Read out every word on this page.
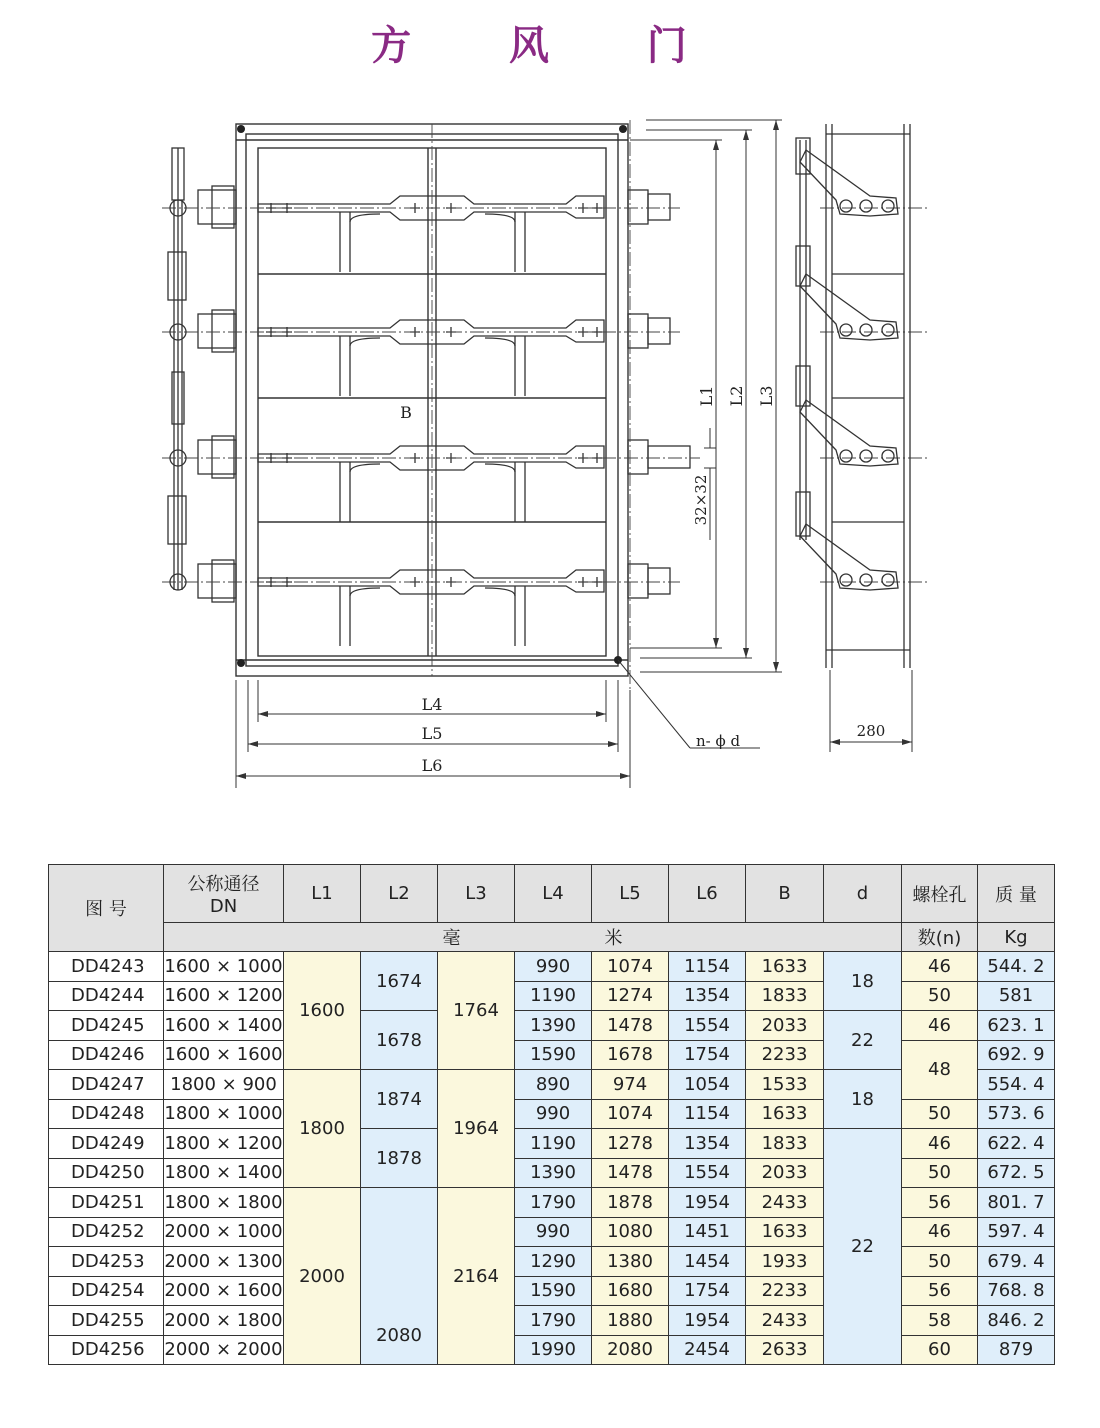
方 风 门
L1 L2 L3
32×32
B
L4
L5
L6
n- ϕ d
280
图 号	公称通径
DN	L1	L2	L3	L4	L5	L6	B	d	螺栓孔	质 量
	毫　　　　　　　　米									数(n)	Kg
DD4243	1600 × 1000	1600	1674	1764	990	1074	1154	1633	18	46	544. 2
DD4244	1600 × 1200				1190	1274	1354	1833		50	581
DD4245	1600 × 1400		1678		1390	1478	1554	2033	22	46	623. 1
DD4246	1600 × 1600				1590	1678	1754	2233		48	692. 9
DD4247	1800 × 900	1800	1874	1964	890	974	1054	1533	18		554. 4
DD4248	1800 × 1000				990	1074	1154	1633		50	573. 6
DD4249	1800 × 1200		1878		1190	1278	1354	1833	22	46	622. 4
DD4250	1800 × 1400				1390	1478	1554	2033		50	672. 5
DD4251	1800 × 1800	2000	2080	2164	1790	1878	1954	2433		56	801. 7
DD4252	2000 × 1000				990	1080	1451	1633		46	597. 4
DD4253	2000 × 1300				1290	1380	1454	1933		50	679. 4
DD4254	2000 × 1600				1590	1680	1754	2233		56	768. 8
DD4255	2000 × 1800				1790	1880	1954	2433		58	846. 2
DD4256	2000 × 2000				1990	2080	2454	2633		60	879
